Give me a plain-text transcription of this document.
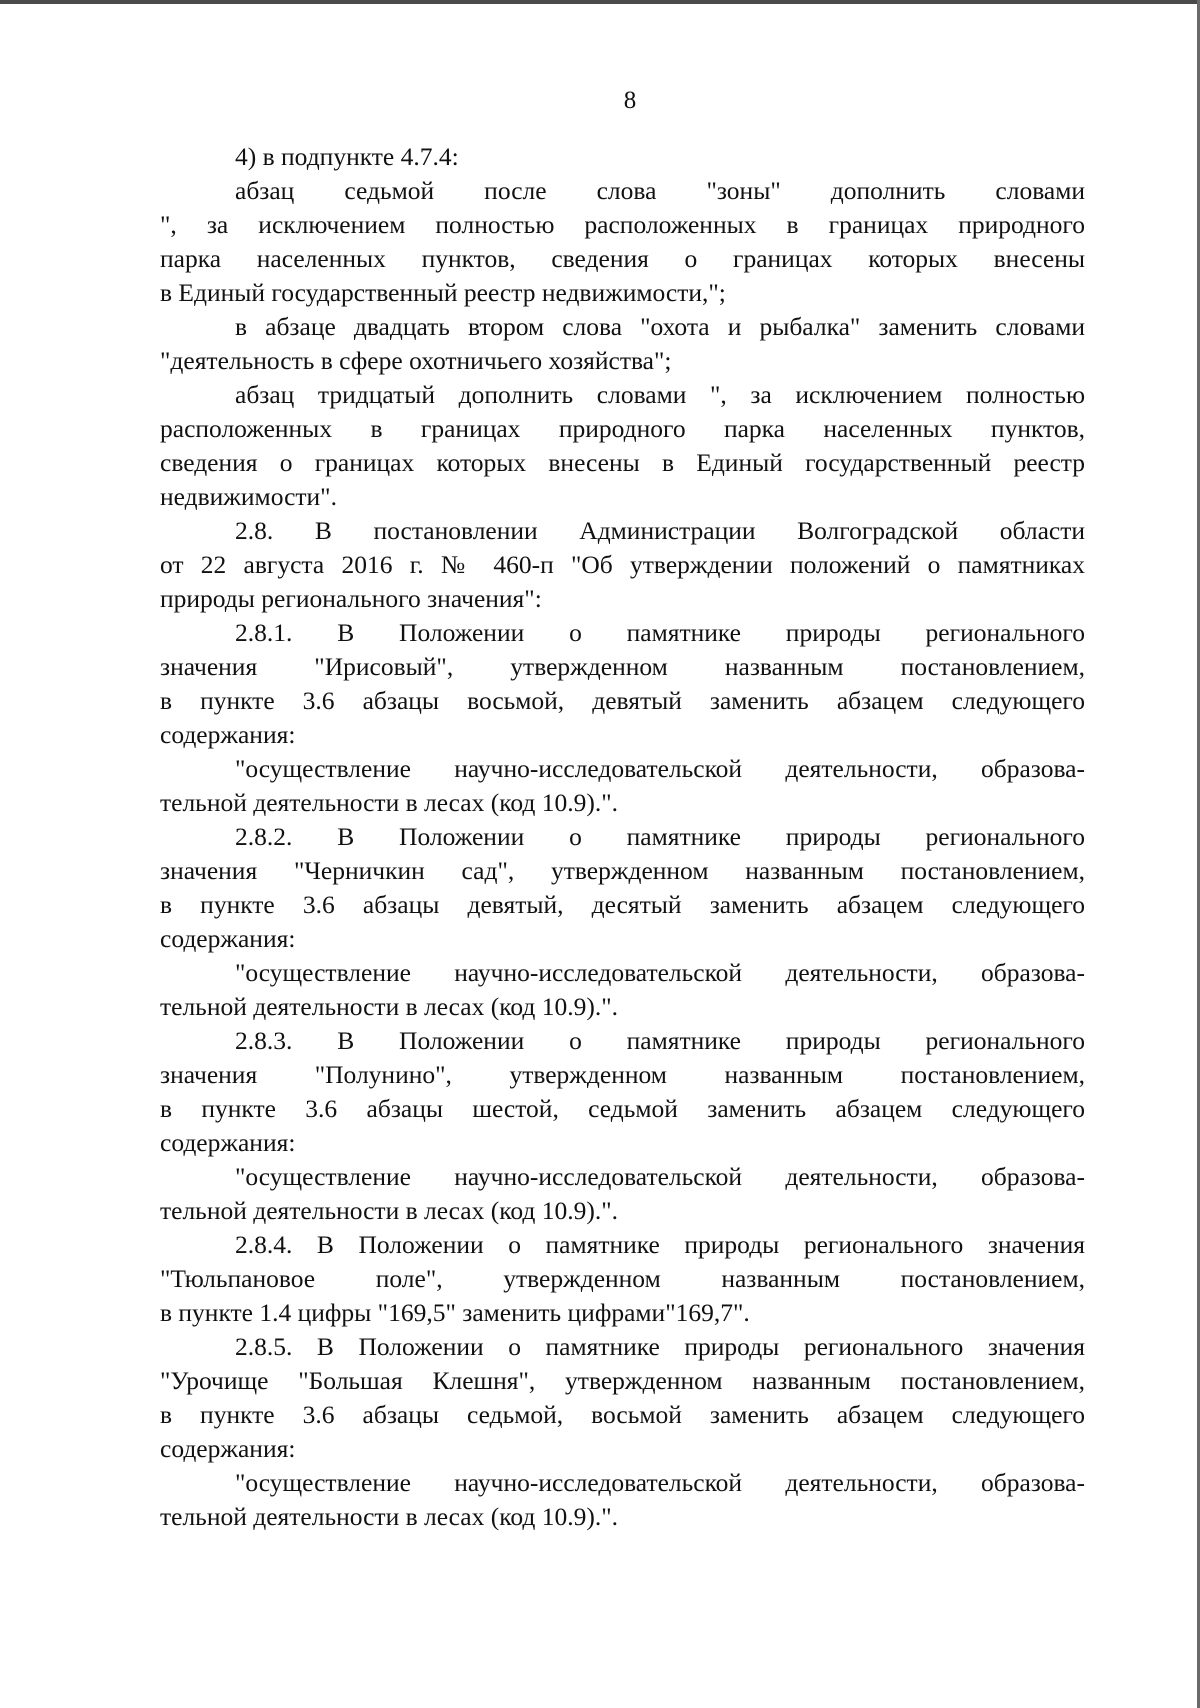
8
4) в подпункте 4.7.4:
абзац седьмой после слова "зоны" дополнить словами
", за исключением полностью расположенных в границах природного
парка населенных пунктов, сведения о границах которых внесены
в Единый государственный реестр недвижимости,";
в абзаце двадцать втором слова "охота и рыбалка" заменить словами
"деятельность в сфере охотничьего хозяйства";
абзац тридцатый дополнить словами ", за исключением полностью
расположенных в границах природного парка населенных пунктов,
сведения о границах которых внесены в Единый государственный реестр
недвижимости".
2.8. В постановлении Администрации Волгоградской области
от 22 августа 2016 г. № 460-п "Об утверждении положений о памятниках
природы регионального значения":
2.8.1. В Положении о памятнике природы регионального
значения "Ирисовый", утвержденном названным постановлением,
в пункте 3.6 абзацы восьмой, девятый заменить абзацем следующего
содержания:
"осуществление научно-исследовательской деятельности, образова-
тельной деятельности в лесах (код 10.9).".
2.8.2. В Положении о памятнике природы регионального
значения "Черничкин сад", утвержденном названным постановлением,
в пункте 3.6 абзацы девятый, десятый заменить абзацем следующего
содержания:
"осуществление научно-исследовательской деятельности, образова-
тельной деятельности в лесах (код 10.9).".
2.8.3. В Положении о памятнике природы регионального
значения "Полунино", утвержденном названным постановлением,
в пункте 3.6 абзацы шестой, седьмой заменить абзацем следующего
содержания:
"осуществление научно-исследовательской деятельности, образова-
тельной деятельности в лесах (код 10.9).".
2.8.4. В Положении о памятнике природы регионального значения
"Тюльпановое поле", утвержденном названным постановлением,
в пункте 1.4 цифры "169,5" заменить цифрами"169,7".
2.8.5. В Положении о памятнике природы регионального значения
"Урочище "Большая Клешня", утвержденном названным постановлением,
в пункте 3.6 абзацы седьмой, восьмой заменить абзацем следующего
содержания:
"осуществление научно-исследовательской деятельности, образова-
тельной деятельности в лесах (код 10.9).".
